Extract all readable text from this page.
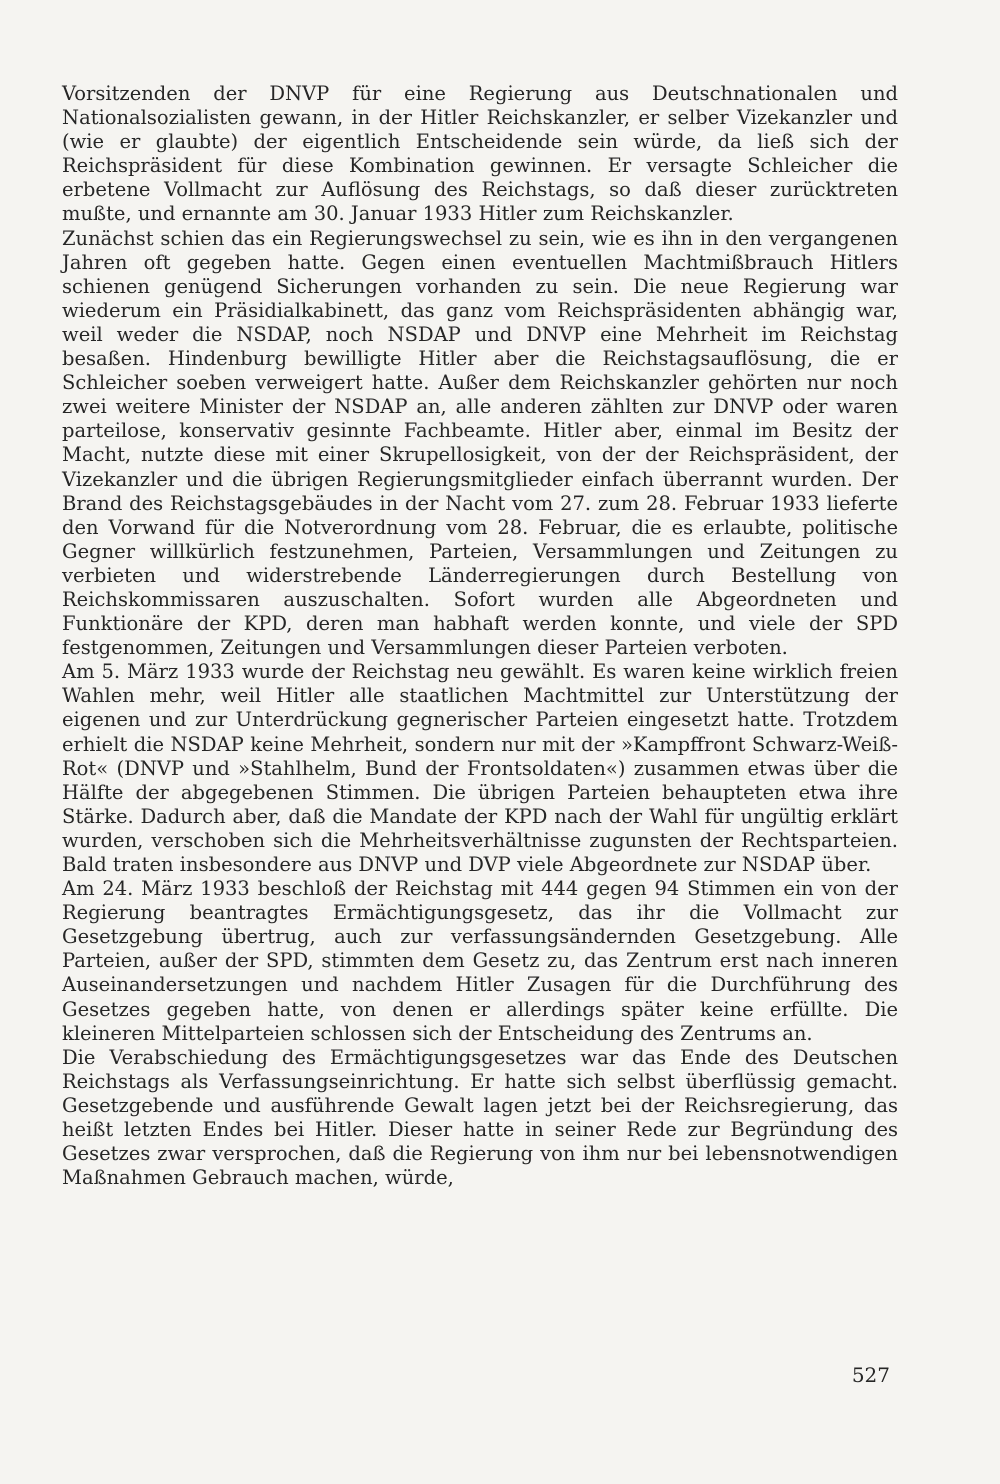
Vorsitzenden der DNVP für eine Regierung aus Deutschnationalen und Nationalsozialisten gewann, in der Hitler Reichskanzler, er selber Vizekanzler und (wie er glaubte) der eigentlich Entscheidende sein würde, da ließ sich der Reichspräsident für diese Kombination gewinnen. Er versagte Schleicher die erbetene Vollmacht zur Auflösung des Reichstags, so daß dieser zurücktreten mußte, und ernannte am 30. Januar 1933 Hitler zum Reichskanzler.

Zunächst schien das ein Regierungswechsel zu sein, wie es ihn in den vergangenen Jahren oft gegeben hatte. Gegen einen eventuellen Machtmißbrauch Hitlers schienen genügend Sicherungen vorhanden zu sein. Die neue Regierung war wiederum ein Präsidialkabinett, das ganz vom Reichspräsidenten abhängig war, weil weder die NSDAP, noch NSDAP und DNVP eine Mehrheit im Reichstag besaßen. Hindenburg bewilligte Hitler aber die Reichstagsauflösung, die er Schleicher soeben verweigert hatte. Außer dem Reichskanzler gehörten nur noch zwei weitere Minister der NSDAP an, alle anderen zählten zur DNVP oder waren parteilose, konservativ gesinnte Fachbeamte. Hitler aber, einmal im Besitz der Macht, nutzte diese mit einer Skrupellosigkeit, von der der Reichspräsident, der Vizekanzler und die übrigen Regierungsmitglieder einfach überrannt wurden. Der Brand des Reichstagsgebäudes in der Nacht vom 27. zum 28. Februar 1933 lieferte den Vorwand für die Notverordnung vom 28. Februar, die es erlaubte, politische Gegner willkürlich festzunehmen, Parteien, Versammlungen und Zeitungen zu verbieten und widerstrebende Länderregierungen durch Bestellung von Reichskommissaren auszuschalten. Sofort wurden alle Abgeordneten und Funktionäre der KPD, deren man habhaft werden konnte, und viele der SPD festgenommen, Zeitungen und Versammlungen dieser Parteien verboten.

Am 5. März 1933 wurde der Reichstag neu gewählt. Es waren keine wirklich freien Wahlen mehr, weil Hitler alle staatlichen Machtmittel zur Unterstützung der eigenen und zur Unterdrückung gegnerischer Parteien eingesetzt hatte. Trotzdem erhielt die NSDAP keine Mehrheit, sondern nur mit der »Kampffront Schwarz-Weiß-Rot« (DNVP und »Stahlhelm, Bund der Frontsoldaten«) zusammen etwas über die Hälfte der abgegebenen Stimmen. Die übrigen Parteien behaupteten etwa ihre Stärke. Dadurch aber, daß die Mandate der KPD nach der Wahl für ungültig erklärt wurden, verschoben sich die Mehrheitsverhältnisse zugunsten der Rechtsparteien. Bald traten insbesondere aus DNVP und DVP viele Abgeordnete zur NSDAP über.

Am 24. März 1933 beschloß der Reichstag mit 444 gegen 94 Stimmen ein von der Regierung beantragtes Ermächtigungsgesetz, das ihr die Vollmacht zur Gesetzgebung übertrug, auch zur verfassungsändernden Gesetzgebung. Alle Parteien, außer der SPD, stimmten dem Gesetz zu, das Zentrum erst nach inneren Auseinandersetzungen und nachdem Hitler Zusagen für die Durchführung des Gesetzes gegeben hatte, von denen er allerdings später keine erfüllte. Die kleineren Mittelparteien schlossen sich der Entscheidung des Zentrums an.

Die Verabschiedung des Ermächtigungsgesetzes war das Ende des Deutschen Reichstags als Verfassungseinrichtung. Er hatte sich selbst überflüssig gemacht. Gesetzgebende und ausführende Gewalt lagen jetzt bei der Reichsregierung, das heißt letzten Endes bei Hitler. Dieser hatte in seiner Rede zur Begründung des Gesetzes zwar versprochen, daß die Regierung von ihm nur bei lebensnotwendigen Maßnahmen Gebrauch machen, würde,

527
